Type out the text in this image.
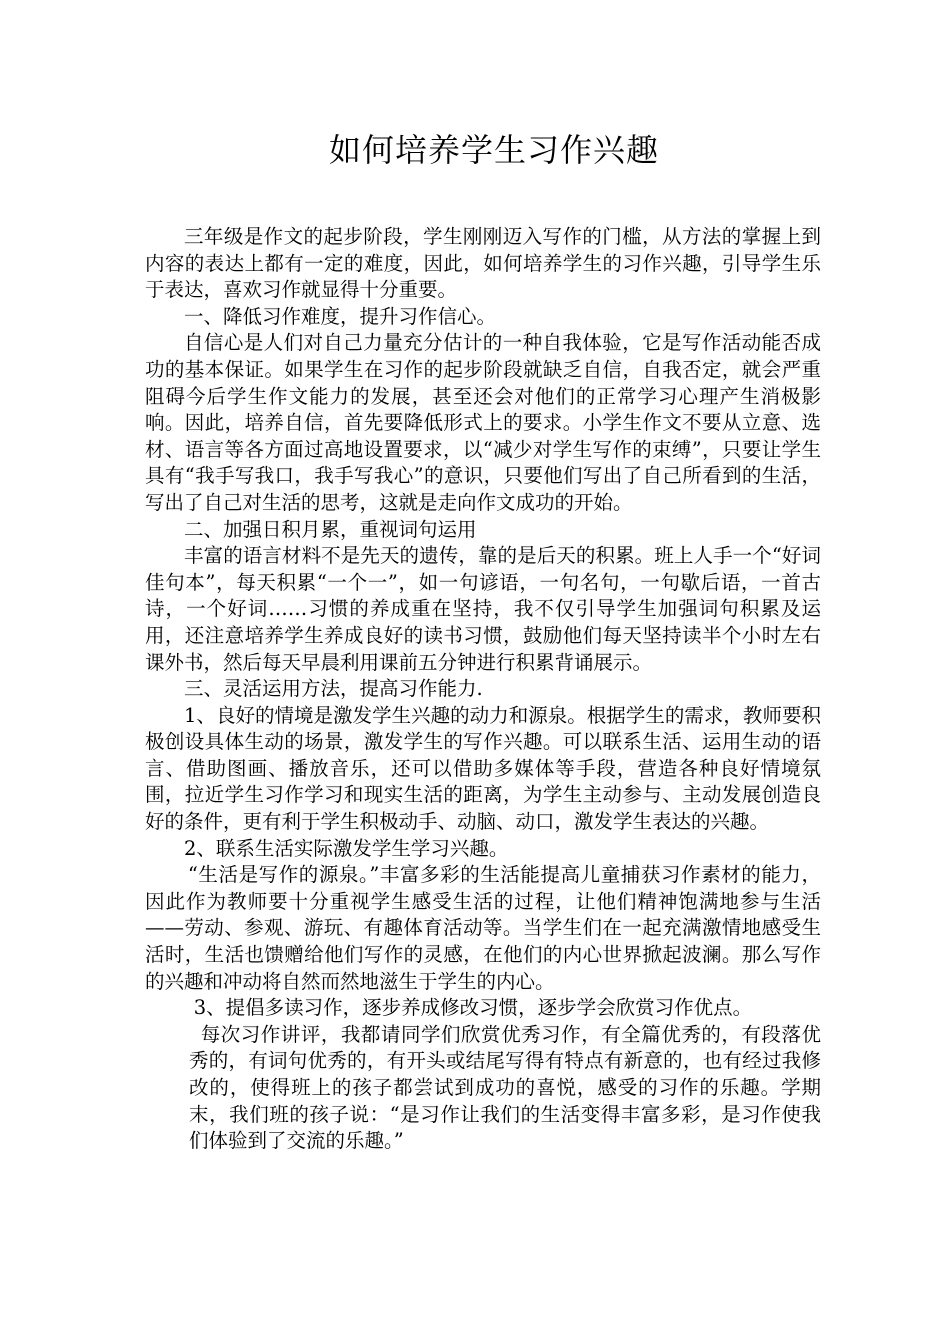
如何培养学生习作兴趣

三年级是作文的起步阶段，学生刚刚迈入写作的门槛，从方法的掌握上到内容的表达上都有一定的难度，因此，如何培养学生的习作兴趣，引导学生乐于表达，喜欢习作就显得十分重要。

一、降低习作难度，提升习作信心。

自信心是人们对自己力量充分估计的一种自我体验，它是写作活动能否成功的基本保证。如果学生在习作的起步阶段就缺乏自信，自我否定，就会严重阻碍今后学生作文能力的发展，甚至还会对他们的正常学习心理产生消极影响。因此，培养自信，首先要降低形式上的要求。小学生作文不要从立意、选材、语言等各方面过高地设置要求，以“减少对学生写作的束缚”，只要让学生具有“我手写我口，我手写我心”的意识，只要他们写出了自己所看到的生活，写出了自己对生活的思考，这就是走向作文成功的开始。

二、加强日积月累，重视词句运用

丰富的语言材料不是先天的遗传，靠的是后天的积累。班上人手一个“好词佳句本”，每天积累“一个一”，如一句谚语，一句名句，一句歇后语，一首古诗，一个好词……习惯的养成重在坚持，我不仅引导学生加强词句积累及运用，还注意培养学生养成良好的读书习惯，鼓励他们每天坚持读半个小时左右课外书，然后每天早晨利用课前五分钟进行积累背诵展示。

三、灵活运用方法，提高习作能力.

1、良好的情境是激发学生兴趣的动力和源泉。根据学生的需求，教师要积极创设具体生动的场景，激发学生的写作兴趣。可以联系生活、运用生动的语言、借助图画、播放音乐，还可以借助多媒体等手段，营造各种良好情境氛围，拉近学生习作学习和现实生活的距离，为学生主动参与、主动发展创造良好的条件，更有利于学生积极动手、动脑、动口，激发学生表达的兴趣。

2、联系生活实际激发学生学习兴趣。

“生活是写作的源泉。”丰富多彩的生活能提高儿童捕获习作素材的能力，因此作为教师要十分重视学生感受生活的过程，让他们精神饱满地参与生活——劳动、参观、游玩、有趣体育活动等。当学生们在一起充满激情地感受生活时，生活也馈赠给他们写作的灵感，在他们的内心世界掀起波澜。那么写作的兴趣和冲动将自然而然地滋生于学生的内心。

3、提倡多读习作，逐步养成修改习惯，逐步学会欣赏习作优点。

每次习作讲评，我都请同学们欣赏优秀习作，有全篇优秀的，有段落优秀的，有词句优秀的，有开头或结尾写得有特点有新意的，也有经过我修改的，使得班上的孩子都尝试到成功的喜悦，感受的习作的乐趣。学期末，我们班的孩子说：“是习作让我们的生活变得丰富多彩，是习作使我们体验到了交流的乐趣。”
